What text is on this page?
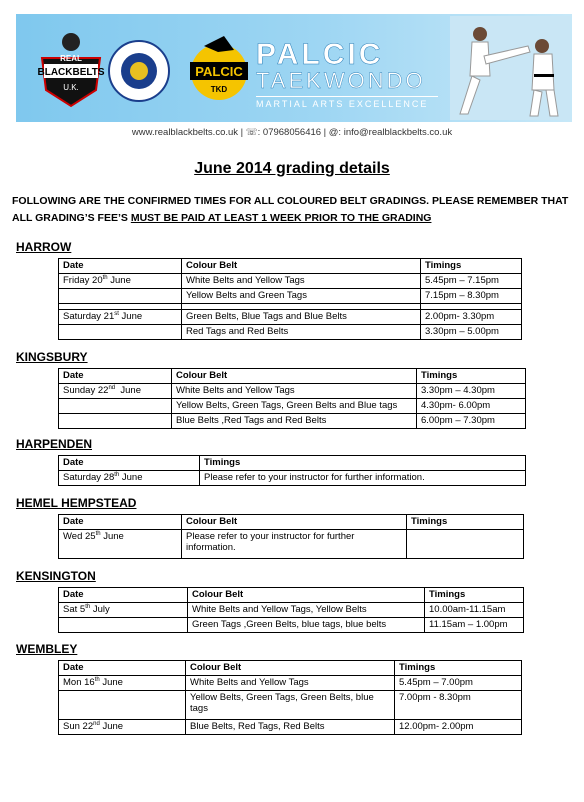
BLACKBELTS
REAL
U.K.
PALCIC
TKD
PALCIC
TAEKWONDO
MARTIAL ARTS EXCELLENCE
www.realblackbelts.co.uk | ☏: 07968056416 | @: info@realblackbelts.co.uk
June 2014 grading details
FOLLOWING ARE THE CONFIRMED TIMES FOR ALL COLOURED BELT GRADINGS. PLEASE REMEMBER THAT ALL GRADING’S FEE’S MUST BE PAID AT LEAST 1 WEEK PRIOR TO THE GRADING
HARROW
Date	Colour Belt	Timings
Friday 20th June	White Belts and Yellow Tags	5.45pm – 7.15pm
	Yellow Belts and Green Tags	7.15pm – 8.30pm

Saturday 21st June	Green Belts, Blue Tags and Blue Belts	2.00pm- 3.30pm
	Red Tags and Red Belts	3.30pm – 5.00pm
KINGSBURY
Date	Colour Belt	Timings
Sunday 22nd  June	White Belts and Yellow Tags	3.30pm – 4.30pm
	Yellow Belts, Green Tags, Green Belts and Blue tags	4.30pm- 6.00pm
	Blue Belts ,Red Tags and Red Belts	6.00pm – 7.30pm
HARPENDEN
Date	Timings
Saturday 28th June	Please refer to your instructor for further information.
HEMEL HEMPSTEAD
Date	Colour Belt	Timings
Wed 25th June	Please refer to your instructor for further information.	
KENSINGTON
Date	Colour Belt	Timings
Sat 5th July	White Belts and Yellow Tags, Yellow Belts	10.00am-11.15am
	Green Tags ,Green Belts, blue tags, blue belts	11.15am – 1.00pm
WEMBLEY
Date	Colour Belt	Timings
Mon 16th June	White Belts and Yellow Tags	5.45pm – 7.00pm
	Yellow Belts, Green Tags, Green Belts, blue tags	7.00pm - 8.30pm
Sun 22nd June	Blue Belts, Red Tags, Red Belts	12.00pm- 2.00pm
